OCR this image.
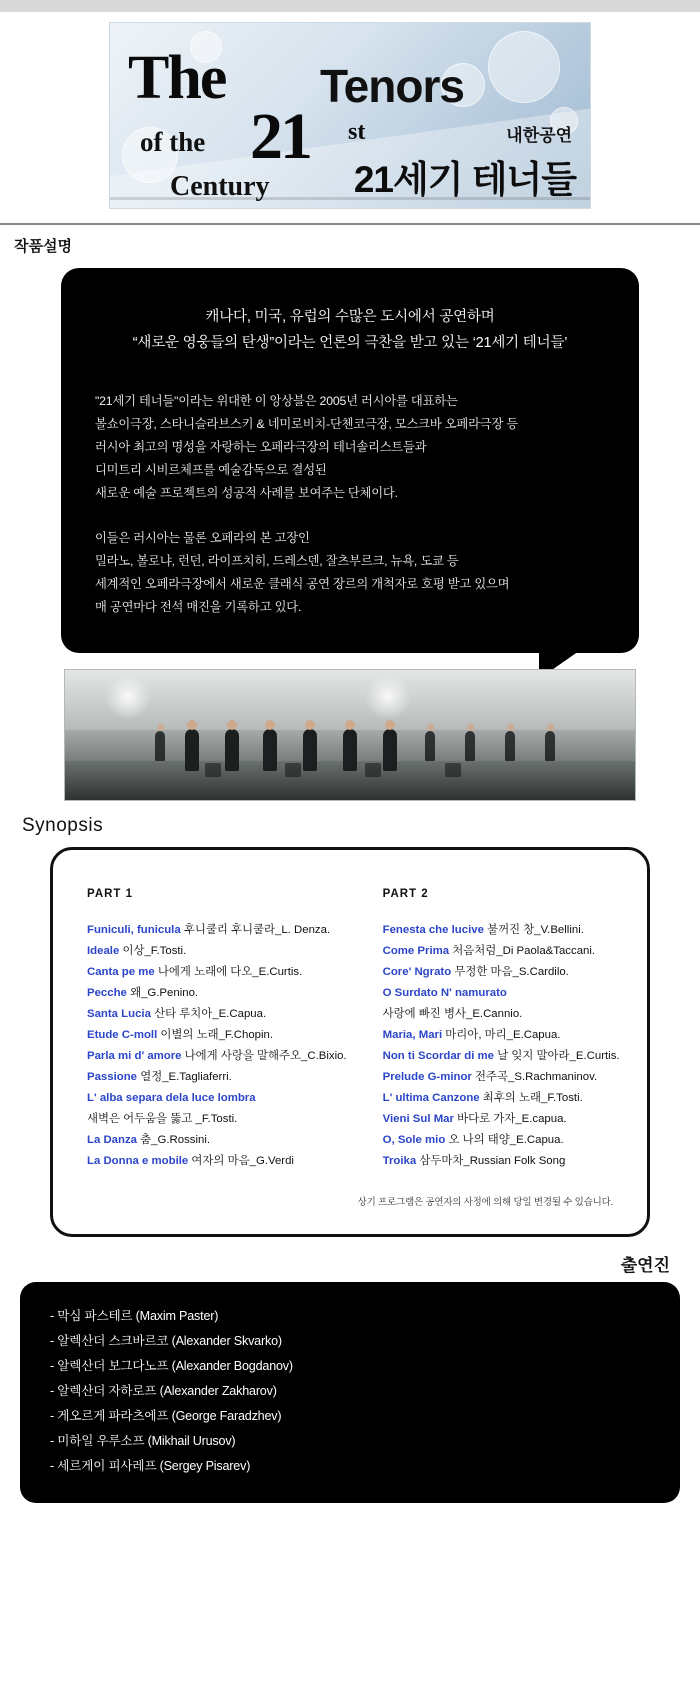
The Tenors
of the 21 st
Century
내한공연
21세기 테너들
작품설명
캐나다, 미국, 유럽의 수많은 도시에서 공연하며
“새로운 영웅들의 탄생”이라는 언론의 극찬을 받고 있는 ‘21세기 테너들’

"21세기 테너들"이라는 위대한 이 앙상블은 2005년 러시아를 대표하는
볼쇼이극장, 스타니슬라브스키 & 네미로비치-단첸코극장, 모스크바 오페라극장 등
러시아 최고의 명성을 자랑하는 오페라극장의 테너솔리스트들과
디미트리 시비르체프를 예술감독으로 결성된
새로운 예술 프로젝트의 성공적 사례를 보여주는 단체이다.

이들은 러시아는 물론 오페라의 본 고장인
밀라노, 볼로냐, 런던, 라이프치히, 드레스덴, 잘츠부르크, 뉴욕, 도쿄 등
세계적인 오페라극장에서 새로운 클래식 공연 장르의 개척자로 호평 받고 있으며
매 공연마다 전석 매진을 기록하고 있다.

Synopsis
PART 1
Funiculi, funicula 후니쿨리 후니쿨라_L. Denza.
Ideale 이상_F.Tosti.
Canta pe me 나에게 노래에 다오_E.Curtis.
Pecche 왜_G.Penino.
Santa Lucia 산타 루치아_E.Capua.
Etude C-moll 이별의 노래_F.Chopin.
Parla mi d' amore 나에게 사랑을 말해주오_C.Bixio.
Passione 열정_E.Tagliaferri.
L' alba separa dela luce lombra
새벽은 어두움을 뚫고 _F.Tosti.
La Danza 춤_G.Rossini.
La Donna e mobile 여자의 마음_G.Verdi
PART 2
Fenesta che lucive 불꺼진 창_V.Bellini.
Come Prima 처음처럼_Di Paola&Taccani.
Core' Ngrato 무정한 마음_S.Cardilo.
O Surdato N' namurato
사랑에 빠진 병사_E.Cannio.
Maria, Mari 마리아, 마리_E.Capua.
Non ti Scordar di me 날 잊지 말아라_E.Curtis.
Prelude G-minor 전주곡_S.Rachmaninov.
L' ultima Canzone 최후의 노래_F.Tosti.
Vieni Sul Mar 바다로 가자_E.capua.
O, Sole mio 오 나의 태양_E.Capua.
Troika 삼두마차_Russian Folk Song
상기 프로그램은 공연자의 사정에 의해 당일 변경될 수 있습니다.
출연진
- 막심 파스테르 (Maxim Paster)
- 알렉산더 스크바르코 (Alexander Skvarko)
- 알렉산더 보그다노프 (Alexander Bogdanov)
- 알렉산더 자하로프 (Alexander Zakharov)
- 게오르게 파라츠에프 (George Faradzhev)
- 미하일 우루소프 (Mikhail Urusov)
- 세르게이 피사레프 (Sergey Pisarev)
